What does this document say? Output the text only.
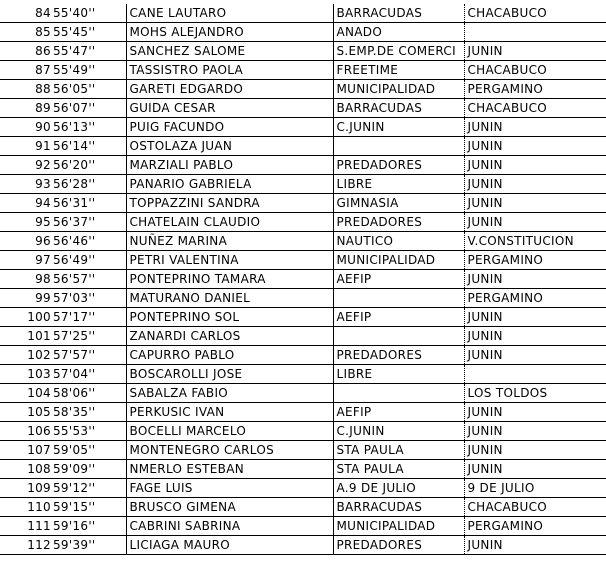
84	55'40''	CANE LAUTARO	BARRACUDAS	CHACABUCO
85	55'45''	MOHS ALEJANDRO	ANADO	
86	55'47''	SANCHEZ SALOME	S.EMP.DE COMERCI	JUNIN
87	55'49''	TASSISTRO PAOLA	FREETIME	CHACABUCO
88	56'05''	GARETI EDGARDO	MUNICIPALIDAD	PERGAMINO
89	56'07''	GUIDA CESAR	BARRACUDAS	CHACABUCO
90	56'13''	PUIG FACUNDO	C.JUNIN	JUNIN
91	56'14''	OSTOLAZA JUAN		JUNIN
92	56'20''	MARZIALI PABLO	PREDADORES	JUNIN
93	56'28''	PANARIO GABRIELA	LIBRE	JUNIN
94	56'31''	TOPPAZZINI SANDRA	GIMNASIA	JUNIN
95	56'37''	CHATELAIN CLAUDIO	PREDADORES	JUNIN
96	56'46''	NUÑEZ MARINA	NAUTICO	V.CONSTITUCION
97	56'49''	PETRI VALENTINA	MUNICIPALIDAD	PERGAMINO
98	56'57''	PONTEPRINO TAMARA	AEFIP	JUNIN
99	57'03''	MATURANO DANIEL		PERGAMINO
100	57'17''	PONTEPRINO SOL	AEFIP	JUNIN
101	57'25''	ZANARDI CARLOS		JUNIN
102	57'57''	CAPURRO PABLO	PREDADORES	JUNIN
103	57'04''	BOSCAROLLI JOSE	LIBRE	
104	58'06''	SABALZA FABIO		LOS TOLDOS
105	58'35''	PERKUSIC IVAN	AEFIP	JUNIN
106	55'53''	BOCELLI MARCELO	C.JUNIN	JUNIN
107	59'05''	MONTENEGRO CARLOS	STA PAULA	JUNIN
108	59'09''	NMERLO ESTEBAN	STA PAULA	JUNIN
109	59'12''	FAGE LUIS	A.9 DE JULIO	9 DE JULIO
110	59'15''	BRUSCO GIMENA	BARRACUDAS	CHACABUCO
111	59'16''	CABRINI SABRINA	MUNICIPALIDAD	PERGAMINO
112	59'39''	LICIAGA MAURO	PREDADORES	JUNIN
